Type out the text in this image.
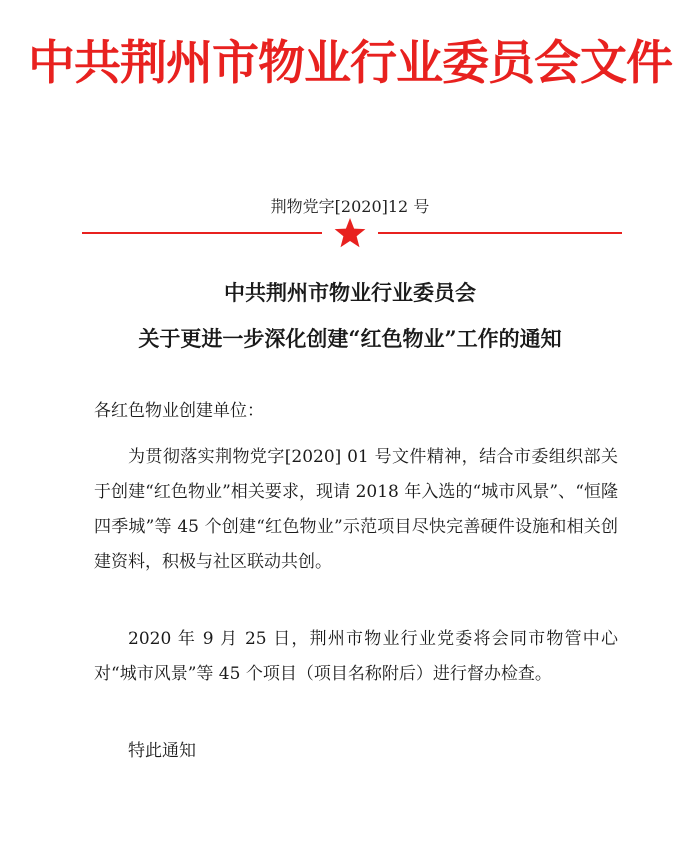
中共荆州市物业行业委员会文件
荆物党字[2020]12 号
中共荆州市物业行业委员会
关于更进一步深化创建“红色物业”工作的通知
各红色物业创建单位：

为贯彻落实荆物党字[2020] 01 号文件精神，结合市委组织部关于创建“红色物业”相关要求，现请 2018 年入选的“城市风景”、“恒隆四季城”等 45 个创建“红色物业”示范项目尽快完善硬件设施和相关创建资料，积极与社区联动共创。

2020 年 9 月 25 日，荆州市物业行业党委将会同市物管中心对“城市风景”等 45 个项目（项目名称附后）进行督办检查。

特此通知
